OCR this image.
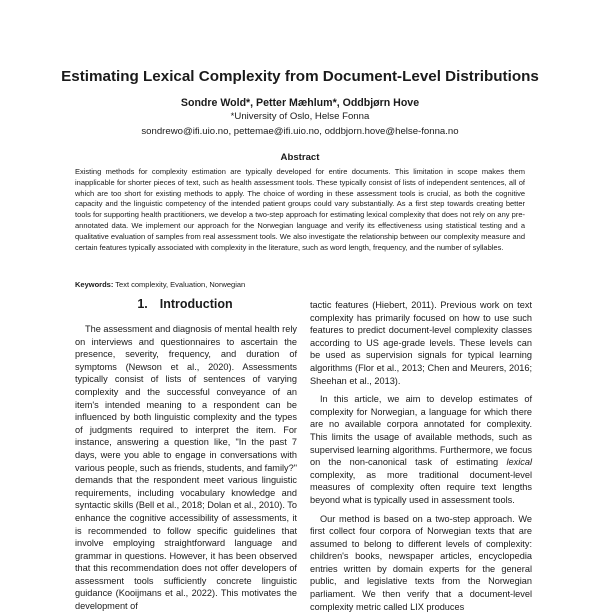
Estimating Lexical Complexity from Document-Level Distributions
Sondre Wold*, Petter Mæhlum*, Oddbjørn Hove
*University of Oslo, Helse Fonna
sondrewo@ifi.uio.no, pettemae@ifi.uio.no, oddbjorn.hove@helse-fonna.no
Abstract
Existing methods for complexity estimation are typically developed for entire documents. This limitation in scope makes them inapplicable for shorter pieces of text, such as health assessment tools. These typically consist of lists of independent sentences, all of which are too short for existing methods to apply. The choice of wording in these assessment tools is crucial, as both the cognitive capacity and the linguistic competency of the intended patient groups could vary substantially. As a first step towards creating better tools for supporting health practitioners, we develop a two-step approach for estimating lexical complexity that does not rely on any pre-annotated data. We implement our approach for the Norwegian language and verify its effectiveness using statistical testing and a qualitative evaluation of samples from real assessment tools. We also investigate the relationship between our complexity measure and certain features typically associated with complexity in the literature, such as word length, frequency, and the number of syllables.
Keywords: Text complexity, Evaluation, Norwegian
1. Introduction

The assessment and diagnosis of mental health rely on interviews and questionnaires to ascertain the presence, severity, frequency, and duration of symptoms (Newson et al., 2020). Assessments typically consist of lists of sentences of varying complexity and the successful conveyance of an item's intended meaning to a respondent can be influenced by both linguistic complexity and the types of judgments required to interpret the item. For instance, answering a question like, "In the past 7 days, were you able to engage in conversations with various people, such as friends, students, and family?" demands that the respondent meet various linguistic requirements, including vocabulary knowledge and syntactic skills (Bell et al., 2018; Dolan et al., 2010). To enhance the cognitive accessibility of assessments, it is recommended to follow specific guidelines that involve employing straightforward language and grammar in questions. However, it has been observed that this recommendation does not offer developers of assessment tools sufficiently concrete linguistic guidance (Kooijmans et al., 2022). This motivates the development of

tactic features (Hiebert, 2011). Previous work on text complexity has primarily focused on how to use such features to predict document-level complexity classes according to US age-grade levels. These levels can be used as supervision signals for typical learning algorithms (Flor et al., 2013; Chen and Meurers, 2016; Sheehan et al., 2013).

In this article, we aim to develop estimates of complexity for Norwegian, a language for which there are no available corpora annotated for complexity. This limits the usage of available methods, such as supervised learning algorithms. Furthermore, we focus on the non-canonical task of estimating lexical complexity, as more traditional document-level measures of complexity often require text lengths beyond what is typically used in assessment tools.

Our method is based on a two-step approach. We first collect four corpora of Norwegian texts that are assumed to belong to different levels of complexity: children's books, newspaper articles, encyclopedia entries written by domain experts for the general public, and legislative texts from the Norwegian parliament. We then verify that a document-level complexity metric called LIX produces
